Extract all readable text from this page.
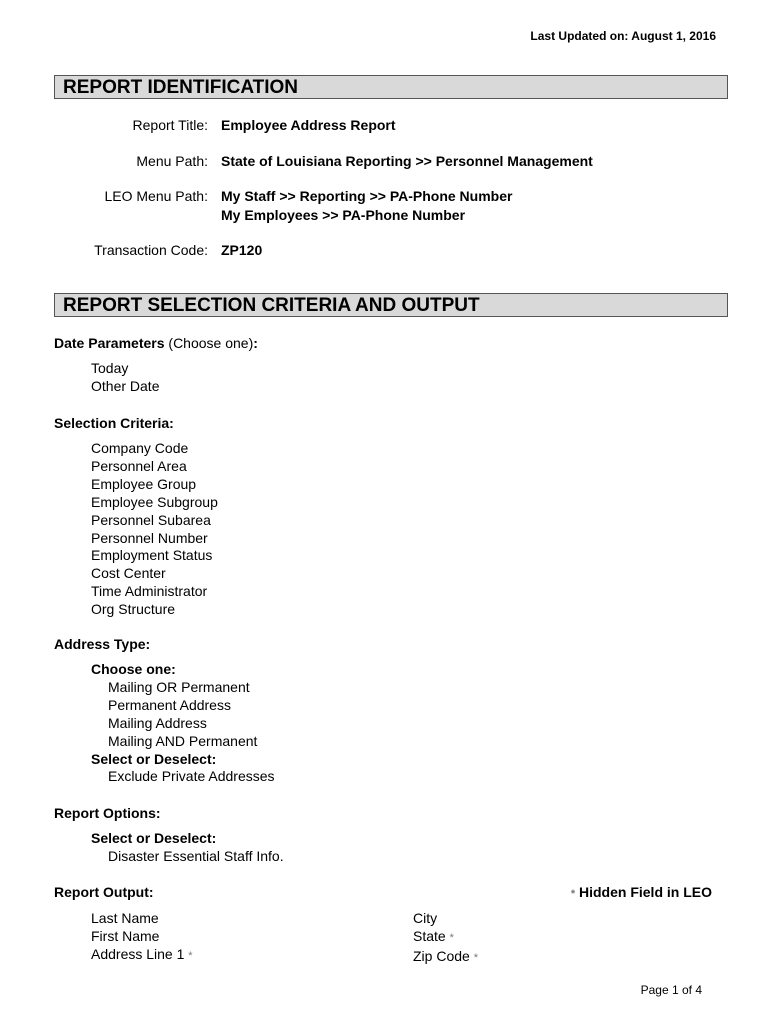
Last Updated on: August 1, 2016
REPORT IDENTIFICATION
Report Title: Employee Address Report
Menu Path: State of Louisiana Reporting >> Personnel Management
LEO Menu Path: My Staff >> Reporting >> PA-Phone Number
My Employees >> PA-Phone Number
Transaction Code: ZP120
REPORT SELECTION CRITERIA AND OUTPUT
Date Parameters (Choose one):
Today
Other Date
Selection Criteria:
Company Code
Personnel Area
Employee Group
Employee Subgroup
Personnel Subarea
Personnel Number
Employment Status
Cost Center
Time Administrator
Org Structure
Address Type:
Choose one:
Mailing OR Permanent
Permanent Address
Mailing Address
Mailing AND Permanent
Select or Deselect:
Exclude Private Addresses
Report Options:
Select or Deselect:
Disaster Essential Staff Info.
Report Output:	* Hidden Field in LEO
Last Name
First Name
Address Line 1 *
City
State *
Zip Code *
Page 1 of 4
